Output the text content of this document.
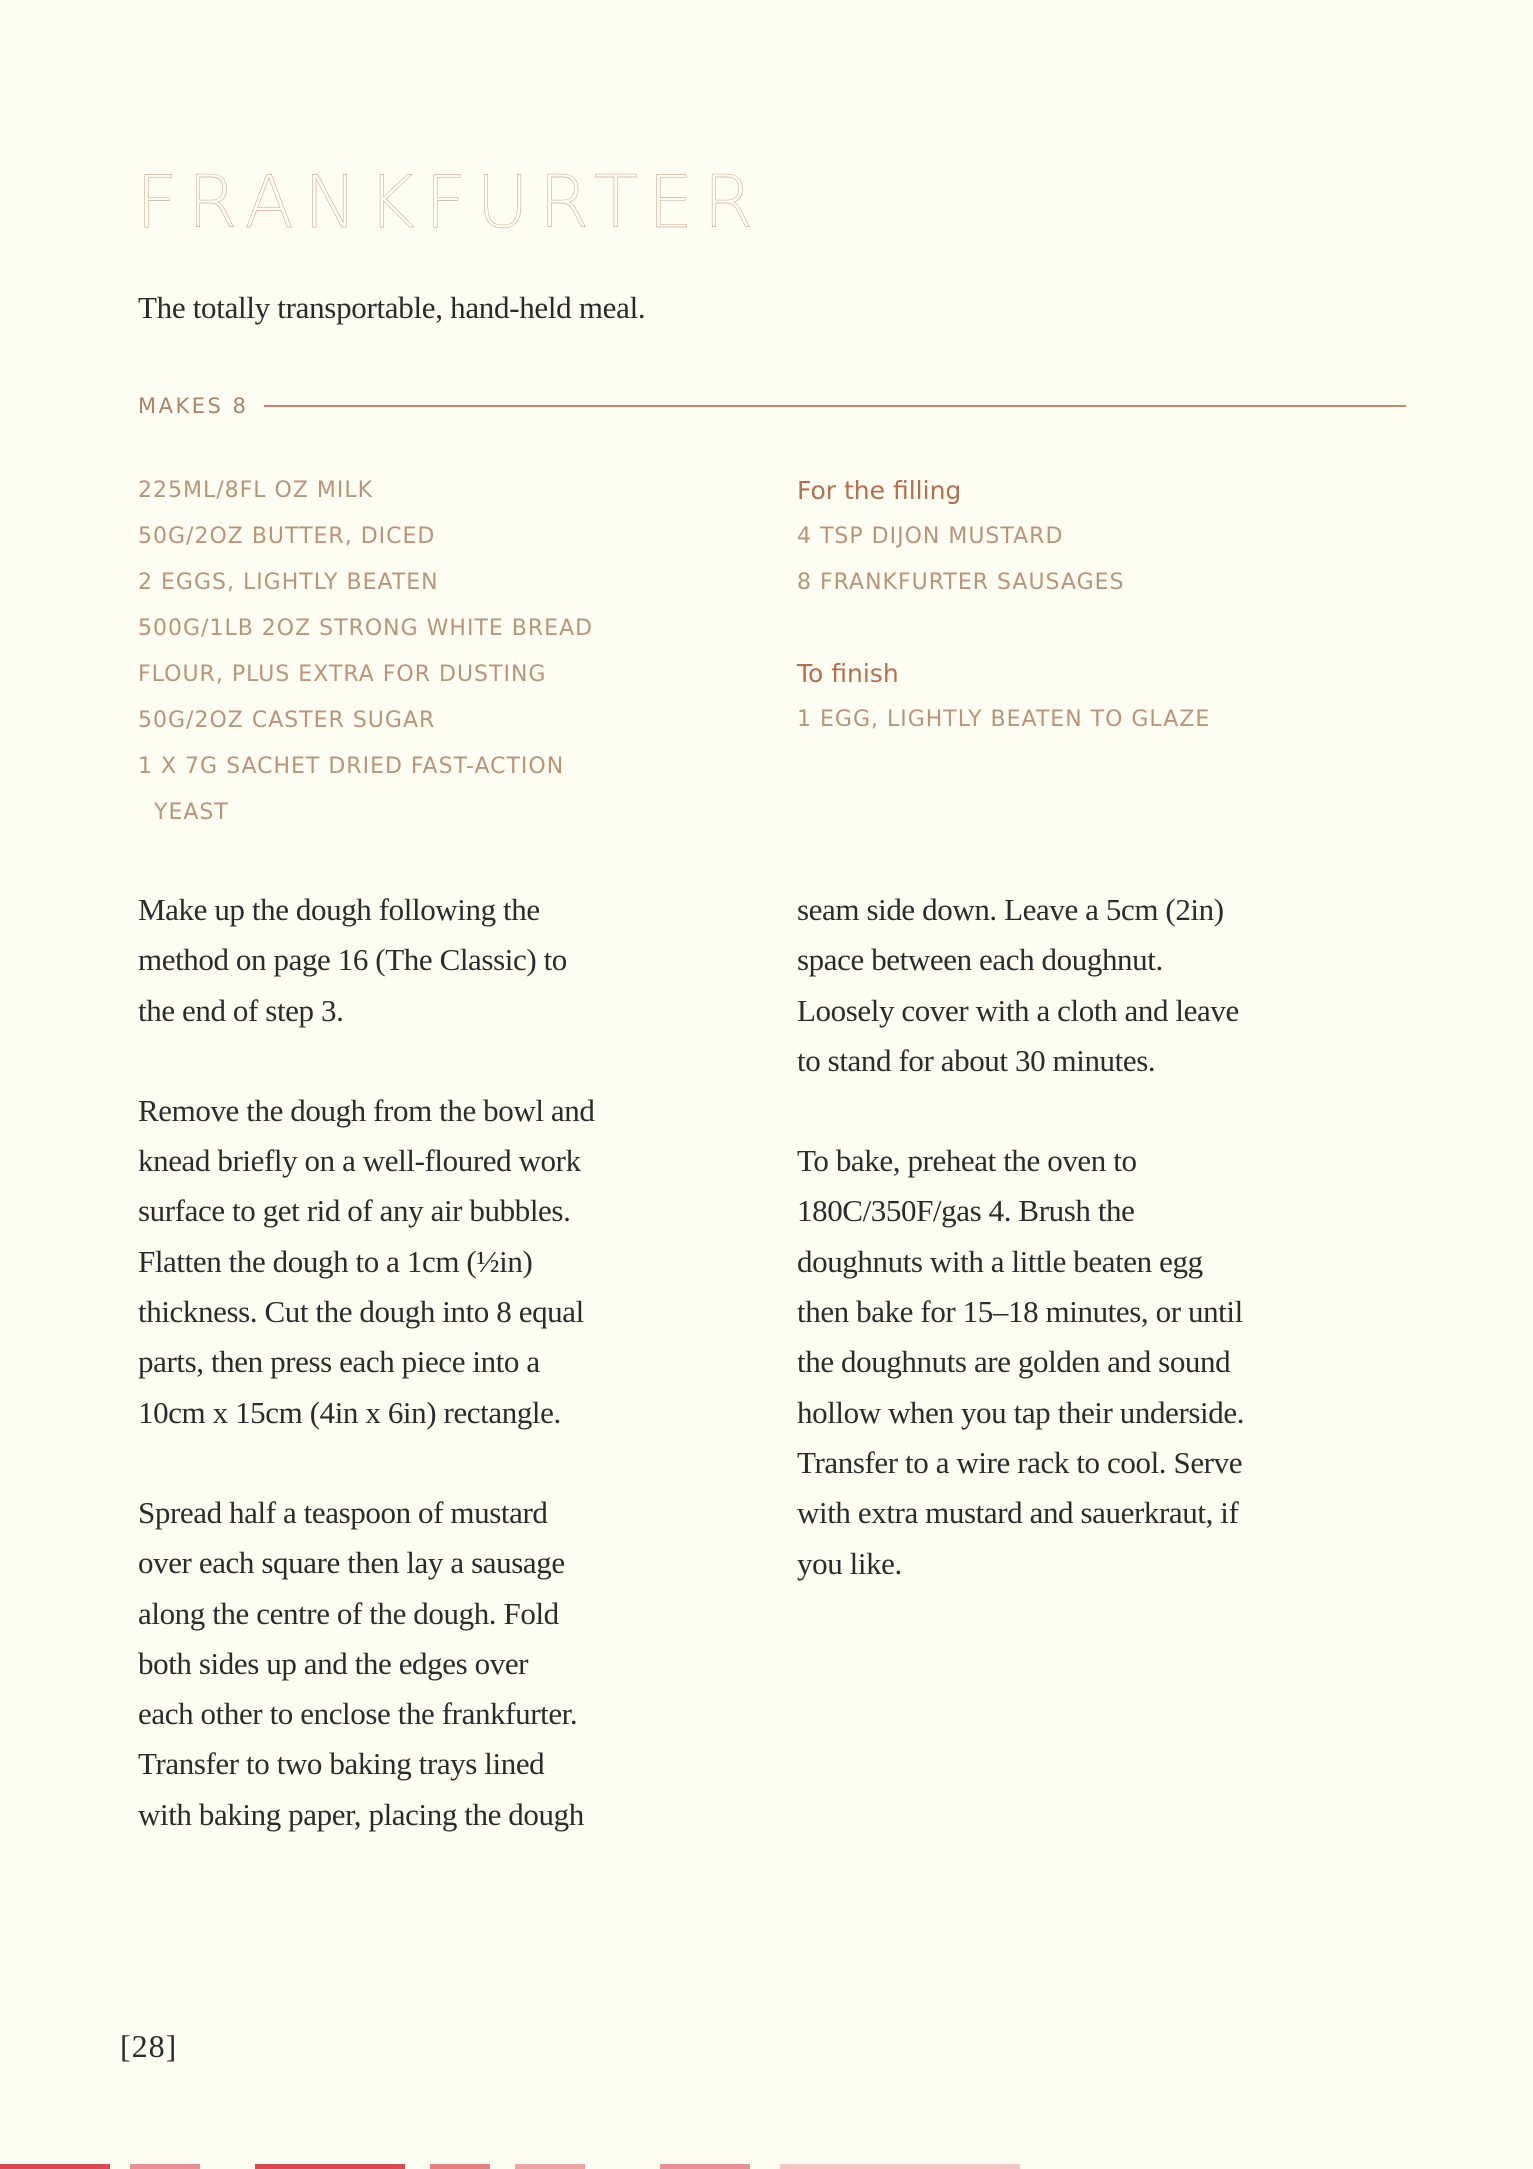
FRANKFURTER
The totally transportable, hand-held meal.
MAKES 8
225ML/8FL OZ MILK
50G/2OZ BUTTER, DICED
2 EGGS, LIGHTLY BEATEN
500G/1LB 2OZ STRONG WHITE BREAD
FLOUR, PLUS EXTRA FOR DUSTING
50G/2OZ CASTER SUGAR
1 X 7G SACHET DRIED FAST-ACTION
YEAST
For the filling
4 TSP DIJON MUSTARD
8 FRANKFURTER SAUSAGES
To finish
1 EGG, LIGHTLY BEATEN TO GLAZE
Make up the dough following the
method on page 16 (The Classic) to
the end of step 3.
Remove the dough from the bowl and
knead briefly on a well-floured work
surface to get rid of any air bubbles.
Flatten the dough to a 1cm (½in)
thickness. Cut the dough into 8 equal
parts, then press each piece into a
10cm x 15cm (4in x 6in) rectangle.
Spread half a teaspoon of mustard
over each square then lay a sausage
along the centre of the dough. Fold
both sides up and the edges over
each other to enclose the frankfurter.
Transfer to two baking trays lined
with baking paper, placing the dough
seam side down. Leave a 5cm (2in)
space between each doughnut.
Loosely cover with a cloth and leave
to stand for about 30 minutes.
To bake, preheat the oven to
180C/350F/gas 4. Brush the
doughnuts with a little beaten egg
then bake for 15–18 minutes, or until
the doughnuts are golden and sound
hollow when you tap their underside.
Transfer to a wire rack to cool. Serve
with extra mustard and sauerkraut, if
you like.
[28]
